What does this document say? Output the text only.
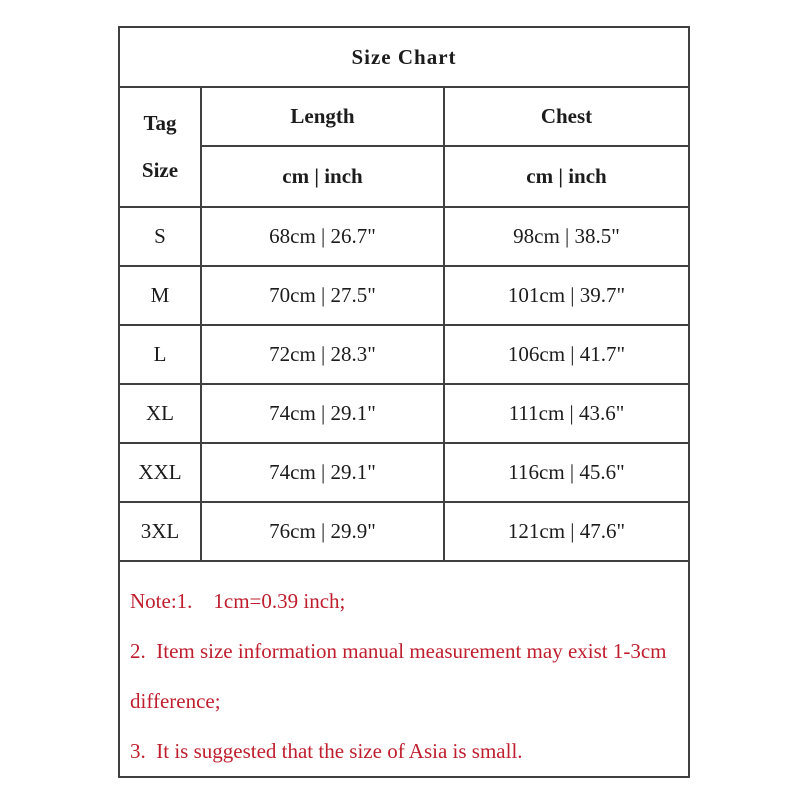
Size Chart		

Tag
Size	Length	Chest
	cm | inch	cm | inch
S	68cm | 26.7"	98cm | 38.5"
M	70cm | 27.5"	101cm | 39.7"
L	72cm | 28.3"	106cm | 41.7"
XL	74cm | 29.1"	111cm | 43.6"
XXL	74cm | 29.1"	116cm | 45.6"
3XL	76cm | 29.9"	121cm | 47.6"

Note:1.    1cm=0.39 inch;
2.  Item size information manual measurement may exist 1-3cm
difference;
3.  It is suggested that the size of Asia is small.		
